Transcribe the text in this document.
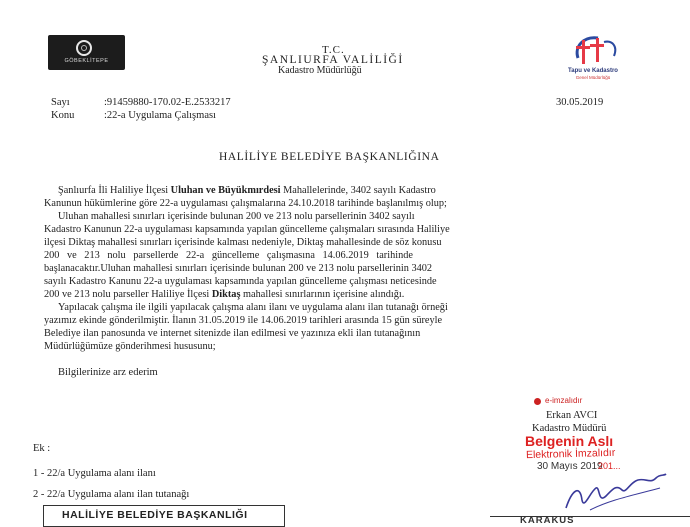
GÖBEKLİTEPE

Tapu ve Kadastro
Genel Müdürlüğü
T.C.
ŞANLIURFA VALİLİĞİ
Kadastro Müdürlüğü
Sayı	:91459880-170.02-E.2533217
Konu	:22-a Uygulama Çalışması
30.05.2019
HALİLİYE BELEDİYE BAŞKANLIĞINA
Şanlıurfa İli Haliliye İlçesi Uluhan ve Büyükmırdesi Mahallelerinde, 3402 sayılı Kadastro
Kanunun hükümlerine göre 22-a uygulaması çalışmalarına 24.10.2018 tarihinde başlanılmış olup;
Uluhan mahallesi sınırları içerisinde bulunan 200 ve 213 nolu parsellerinin 3402 sayılı
Kadastro Kanunun 22-a uygulaması kapsamında yapılan güncelleme çalışmaları sırasında Haliliye
ilçesi Diktaş mahallesi sınırları içerisinde kalması nedeniyle, Diktaş mahallesinde de söz konusu
200 ve 213 nolu parsellerde 22-a güncelleme çalışmasına 14.06.2019 tarihinde
başlanacaktır.Uluhan mahallesi sınırları içerisinde bulunan 200 ve 213 nolu parsellerinin 3402
sayılı Kadastro Kanunu 22-a uygulaması kapsamında yapılan güncelleme çalışması neticesinde
200 ve 213 nolu parseller Haliliye İlçesi Diktaş mahallesi sınırlarının içerisine alındığı.
Yapılacak çalışma ile ilgili yapılacak çalışma alanı ilanı ve uygulama alanı ilan tutanağı örneği
yazımız ekinde gönderilmiştir. İlanın 31.05.2019 ile 14.06.2019 tarihleri arasında 15 gün süreyle
Belediye ilan panosunda ve internet sitenizde ilan edilmesi ve yazınıza ekli ilan tutanağının
Müdürlüğümüze gönderihmesi hususunu;
Bilgilerinize arz ederim
e-imzalıdır
Erkan AVCI
Kadastro Müdürü
Belgenin Aslı
Elektronik İmzalıdır
30 Mayıs 2019
201...
Ek :
1 - 22/a Uygulama alanı ilanı
2 - 22/a Uygulama alanı ilan tutanağı
HALİLİYE BELEDİYE BAŞKANLIĞI	KARAKUS
